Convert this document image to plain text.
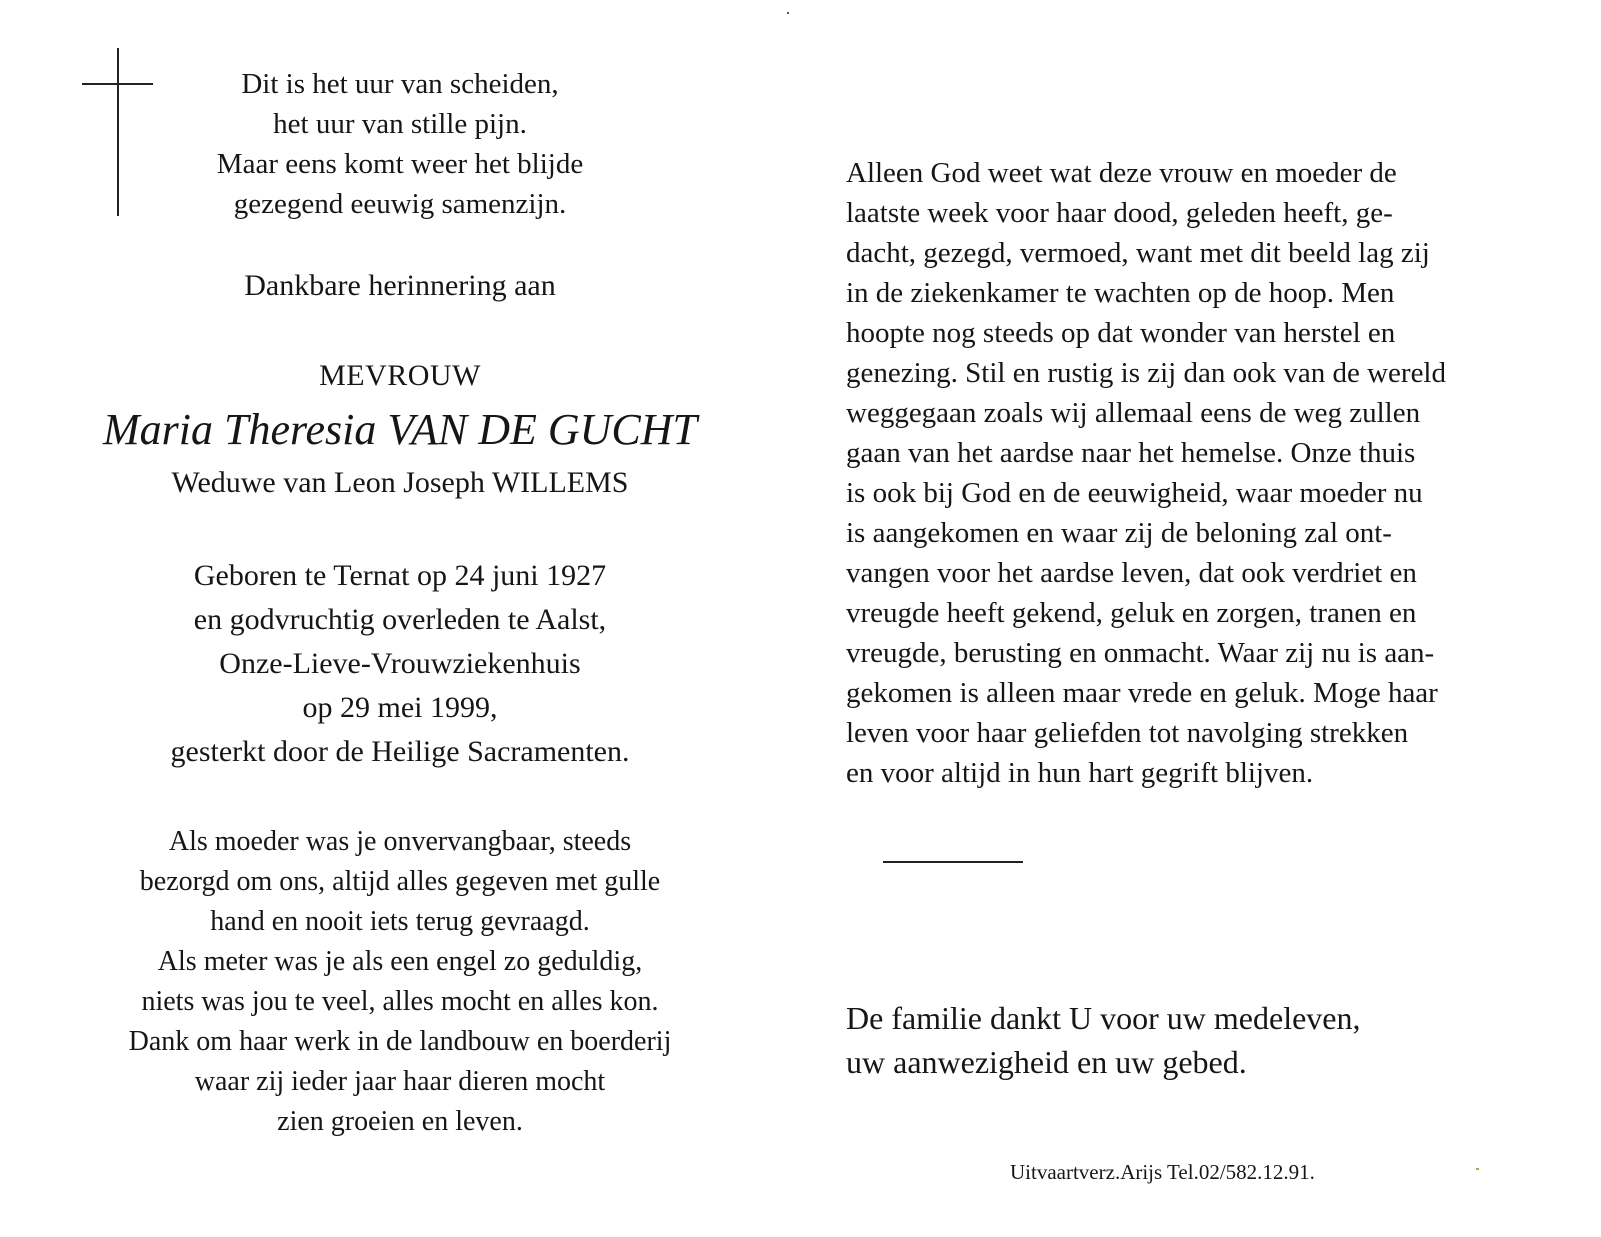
Dit is het uur van scheiden,
het uur van stille pijn.
Maar eens komt weer het blijde
gezegend eeuwig samenzijn.
Dankbare herinnering aan
MEVROUW
Maria Theresia VAN DE GUCHT
Weduwe van Leon Joseph WILLEMS
Geboren te Ternat op 24 juni 1927
en godvruchtig overleden te Aalst,
Onze-Lieve-Vrouwziekenhuis
op 29 mei 1999,
gesterkt door de Heilige Sacramenten.
Als moeder was je onvervangbaar, steeds
bezorgd om ons, altijd alles gegeven met gulle
hand en nooit iets terug gevraagd.
Als meter was je als een engel zo geduldig,
niets was jou te veel, alles mocht en alles kon.
Dank om haar werk in de landbouw en boerderij
waar zij ieder jaar haar dieren mocht
zien groeien en leven.
Alleen God weet wat deze vrouw en moeder de
laatste week voor haar dood, geleden heeft, ge-
dacht, gezegd, vermoed, want met dit beeld lag zij
in de ziekenkamer te wachten op de hoop. Men
hoopte nog steeds op dat wonder van herstel en
genezing. Stil en rustig is zij dan ook van de wereld
weggegaan zoals wij allemaal eens de weg zullen
gaan van het aardse naar het hemelse. Onze thuis
is ook bij God en de eeuwigheid, waar moeder nu
is aangekomen en waar zij de beloning zal ont-
vangen voor het aardse leven, dat ook verdriet en
vreugde heeft gekend, geluk en zorgen, tranen en
vreugde, berusting en onmacht. Waar zij nu is aan-
gekomen is alleen maar vrede en geluk. Moge haar
leven voor haar geliefden tot navolging strekken
en voor altijd in hun hart gegrift blijven.
De familie dankt U voor uw medeleven,
uw aanwezigheid en uw gebed.
Uitvaartverz.Arijs Tel.02/582.12.91.
